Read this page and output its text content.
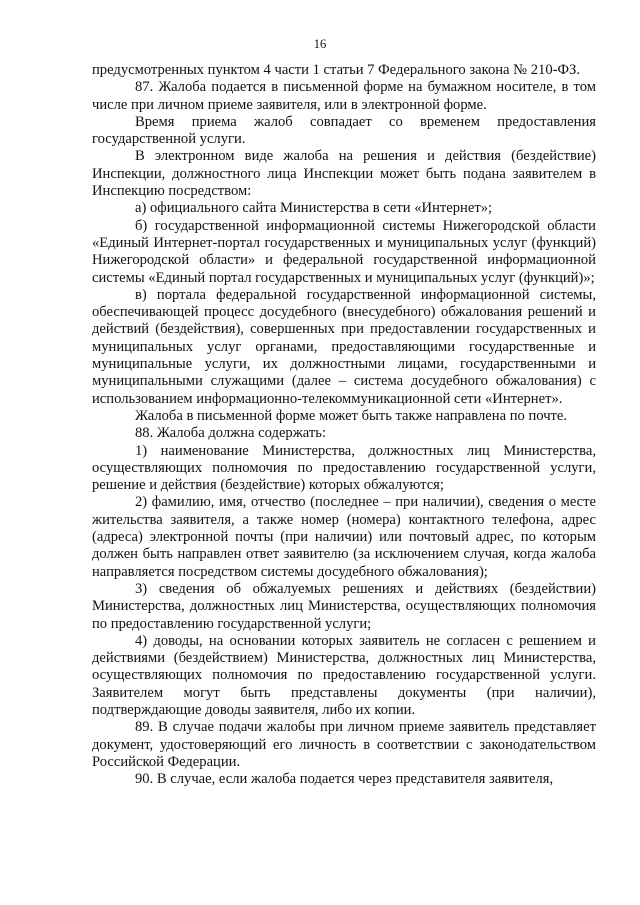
16

предусмотренных пунктом 4 части 1 статьи 7 Федерального закона № 210-ФЗ.

87. Жалоба подается в письменной форме на бумажном носителе, в том числе при личном приеме заявителя, или в электронной форме.

Время приема жалоб совпадает со временем предоставления государственной услуги.

В электронном виде жалоба на решения и действия (бездействие) Инспекции, должностного лица Инспекции может быть подана заявителем в Инспекцию посредством:

а) официального сайта Министерства в сети «Интернет»;

б) государственной информационной системы Нижегородской области «Единый Интернет-портал государственных и муниципальных услуг (функций) Нижегородской области» и федеральной государственной информационной системы «Единый портал государственных и муниципальных услуг (функций)»;

в) портала федеральной государственной информационной системы, обеспечивающей процесс досудебного (внесудебного) обжалования решений и действий (бездействия), совершенных при предоставлении государственных и муниципальных услуг органами, предоставляющими государственные и муниципальные услуги, их должностными лицами, государственными и муниципальными служащими (далее – система досудебного обжалования) с использованием информационно-телекоммуникационной сети «Интернет».

Жалоба в письменной форме может быть также направлена по почте.

88. Жалоба должна содержать:

1) наименование Министерства, должностных лиц Министерства, осуществляющих полномочия по предоставлению государственной услуги, решение и действия (бездействие) которых обжалуются;

2) фамилию, имя, отчество (последнее – при наличии), сведения о месте жительства заявителя, а также номер (номера) контактного телефона, адрес (адреса) электронной почты (при наличии) или почтовый адрес, по которым должен быть направлен ответ заявителю (за исключением случая, когда жалоба направляется посредством системы досудебного обжалования);

3) сведения об обжалуемых решениях и действиях (бездействии) Министерства, должностных лиц Министерства, осуществляющих полномочия по предоставлению государственной услуги;

4) доводы, на основании которых заявитель не согласен с решением и действиями (бездействием) Министерства, должностных лиц Министерства, осуществляющих полномочия по предоставлению государственной услуги. Заявителем могут быть представлены документы (при наличии), подтверждающие доводы заявителя, либо их копии.

89. В случае подачи жалобы при личном приеме заявитель представляет документ, удостоверяющий его личность в соответствии с законодательством Российской Федерации.

90. В случае, если жалоба подается через представителя заявителя,
